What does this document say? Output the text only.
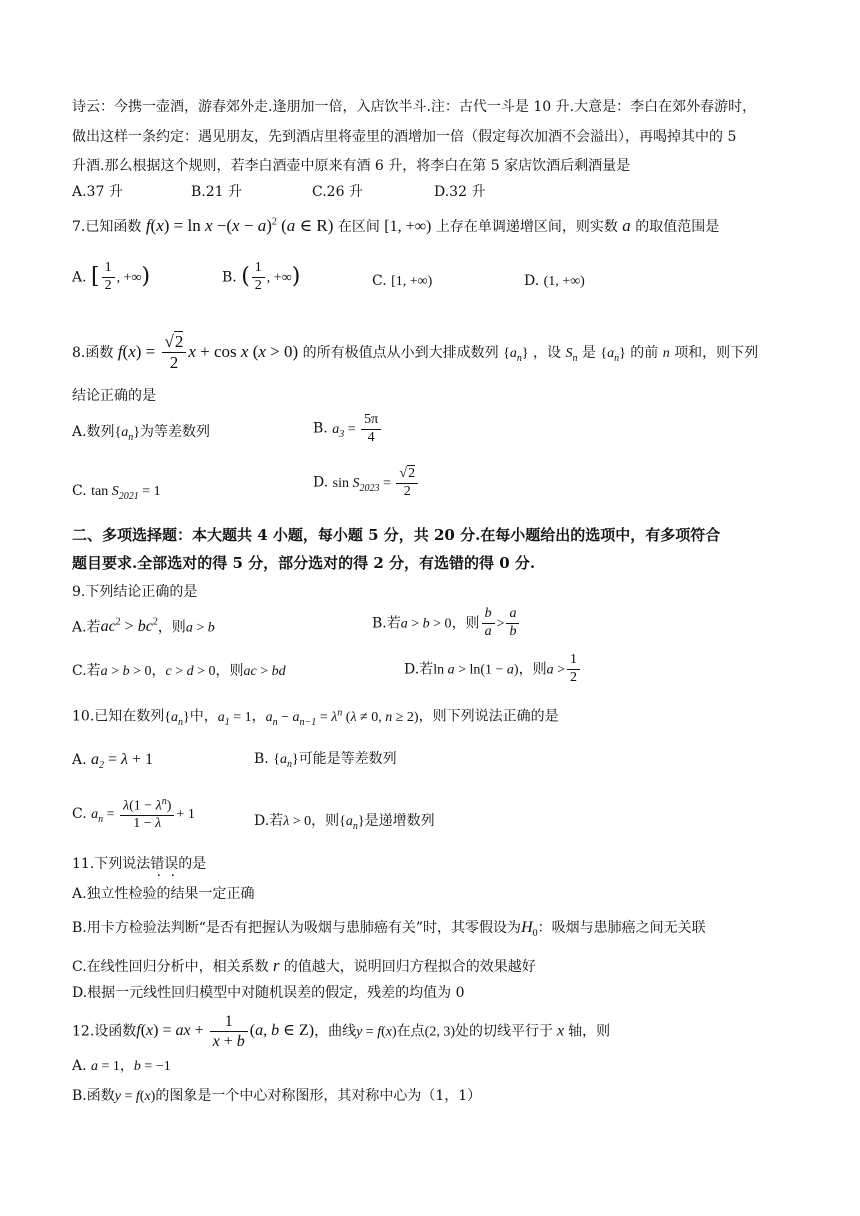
诗云：今携一壶酒，游春郊外走.逢朋加一倍，入店饮半斗.注：古代一斗是 10 升.大意是：李白在郊外春游时，
做出这样一条约定：遇见朋友，先到酒店里将壶里的酒增加一倍（假定每次加酒不会溢出），再喝掉其中的 5
升酒.那么根据这个规则，若李白酒壶中原来有酒 6 升，将李白在第 5 家店饮酒后剩酒量是
A.37 升	B.21 升	C.26 升	D.32 升
7.已知函数 $f(x) = \ln x -(x - a)^2$ (a ∈ R) 在区间 [1, +∞) 上存在单调递增区间，则实数 a 的取值范围是
A. [ $\frac{1}{2}$ , +∞)	B. ( $\frac{1}{2}$ , +∞)	C. [1, +∞)	D. (1, +∞)
8.函数 $f(x) = \frac{√2}{2}$ x + cos x (x > 0) 的所有极值点从小到大排成数列 $\{a_n\}$ ，设 $S_n$ 是 $\{a_n\}$ 的前 n 项和，则下列
结论正确的是
A.数列$\{a_n\}$为等差数列	B. $a_3 = \frac{5\pi}{4}$
C. $\tan S_{2021} = 1$
D. $\sin S_{2023} = \frac{√2}{2}$
二、多项选择题：本大题共 4 小题，每小题 5 分，共 20 分.在每小题给出的选项中，有多项符合
题目要求.全部选对的得 5 分，部分选对的得 2 分，有选错的得 0 分.
9.下列结论正确的是
A.若$ac^2 > bc^2$，则a > b	B.若a > b > 0，则 $\frac{b}{a} > \frac{a}{b}$
C.若a > b > 0，c > d > 0，则ac > bd	D.若ln a > ln(1 − a)，则$a > \frac{1}{2}$
10.已知在数列$\{a_n\}$中，$a_1 = 1$，$a_n - a_{n-1} = \lambda^n$ (λ ≠ 0, n ≥ 2)，则下列说法正确的是
A. $a_2 = \lambda + 1$	B. $\{a_n\}$可能是等差数列
C. $a_n = \frac{\lambda(1 - \lambda^n)}{1 - \lambda} + 1$	D.若λ > 0，则$\{a_n\}$是递增数列
11.下列说法错误的是
A.独立性检验的结果一定正确
B.用卡方检验法判断“是否有把握认为吸烟与患肺癌有关”时，其零假设为$H_0$：吸烟与患肺癌之间无关联
C.在线性回归分析中，相关系数 r 的值越大，说明回归方程拟合的效果越好
D.根据一元线性回归模型中对随机误差的假定，残差的均值为 0
12.设函数f(x) = ax + $\frac{1}{x + b} (a$, b ∈ Z)，曲线y = f(x)在点(2, 3)处的切线平行于 x 轴，则
A. a = 1，b = −1
B.函数y = f(x)的图象是一个中心对称图形，其对称中心为（1，1）
